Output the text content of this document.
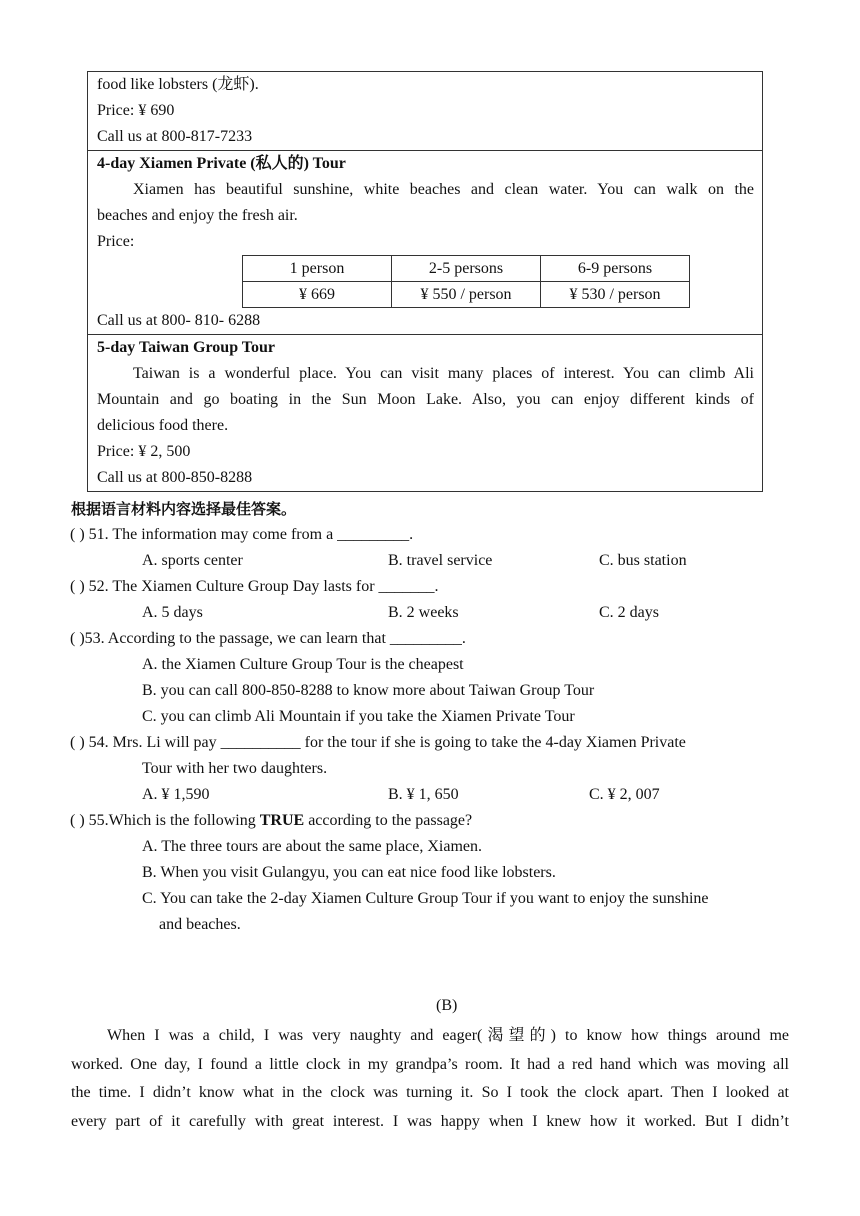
food like lobsters (龙虾).
Price: ¥ 690
Call us at 800-817-7233
4-day Xiamen Private (私人的) Tour
Xiamen has beautiful sunshine, white beaches and clean water. You can walk on the
beaches and enjoy the fresh air.
Price:
1 person	2-5 persons	6-9 persons
¥ 669	¥ 550 / person	¥ 530 / person
Call us at 800- 810- 6288
5-day Taiwan Group Tour
Taiwan is a wonderful place. You can visit many places of interest. You can climb Ali
Mountain and go boating in the Sun Moon Lake. Also, you can enjoy different kinds of
delicious food there.
Price: ¥ 2, 500
Call us at 800-850-8288
根据语言材料内容选择最佳答案。
( ) 51. The information may come from a _________.
A. sports center	B. travel service	C. bus station
( ) 52. The Xiamen Culture Group Day lasts for _______.
A. 5 days	B. 2 weeks	C. 2 days
( )53. According to the passage, we can learn that _________.
A. the Xiamen Culture Group Tour is the cheapest
B. you can call 800-850-8288 to know more about Taiwan Group Tour
C. you can climb Ali Mountain if you take the Xiamen Private Tour
( ) 54. Mrs. Li will pay __________ for the tour if she is going to take the 4-day Xiamen Private
Tour with her two daughters.
A. ¥ 1,590	B. ¥ 1, 650	C. ¥ 2, 007
( ) 55.Which is the following TRUE according to the passage?
A. The three tours are about the same place, Xiamen.
B. When you visit Gulangyu, you can eat nice food like lobsters.
C. You can take the 2-day Xiamen Culture Group Tour if you want to enjoy the sunshine
and beaches.
(B)
When I was a child, I was very naughty and eager(渴望的) to know how things around me
worked. One day, I found a little clock in my grandpa’s room. It had a red hand which was moving all
the time. I didn’t know what in the clock was turning it. So I took the clock apart. Then I looked at
every part of it carefully with great interest. I was happy when I knew how it worked. But I didn’t
